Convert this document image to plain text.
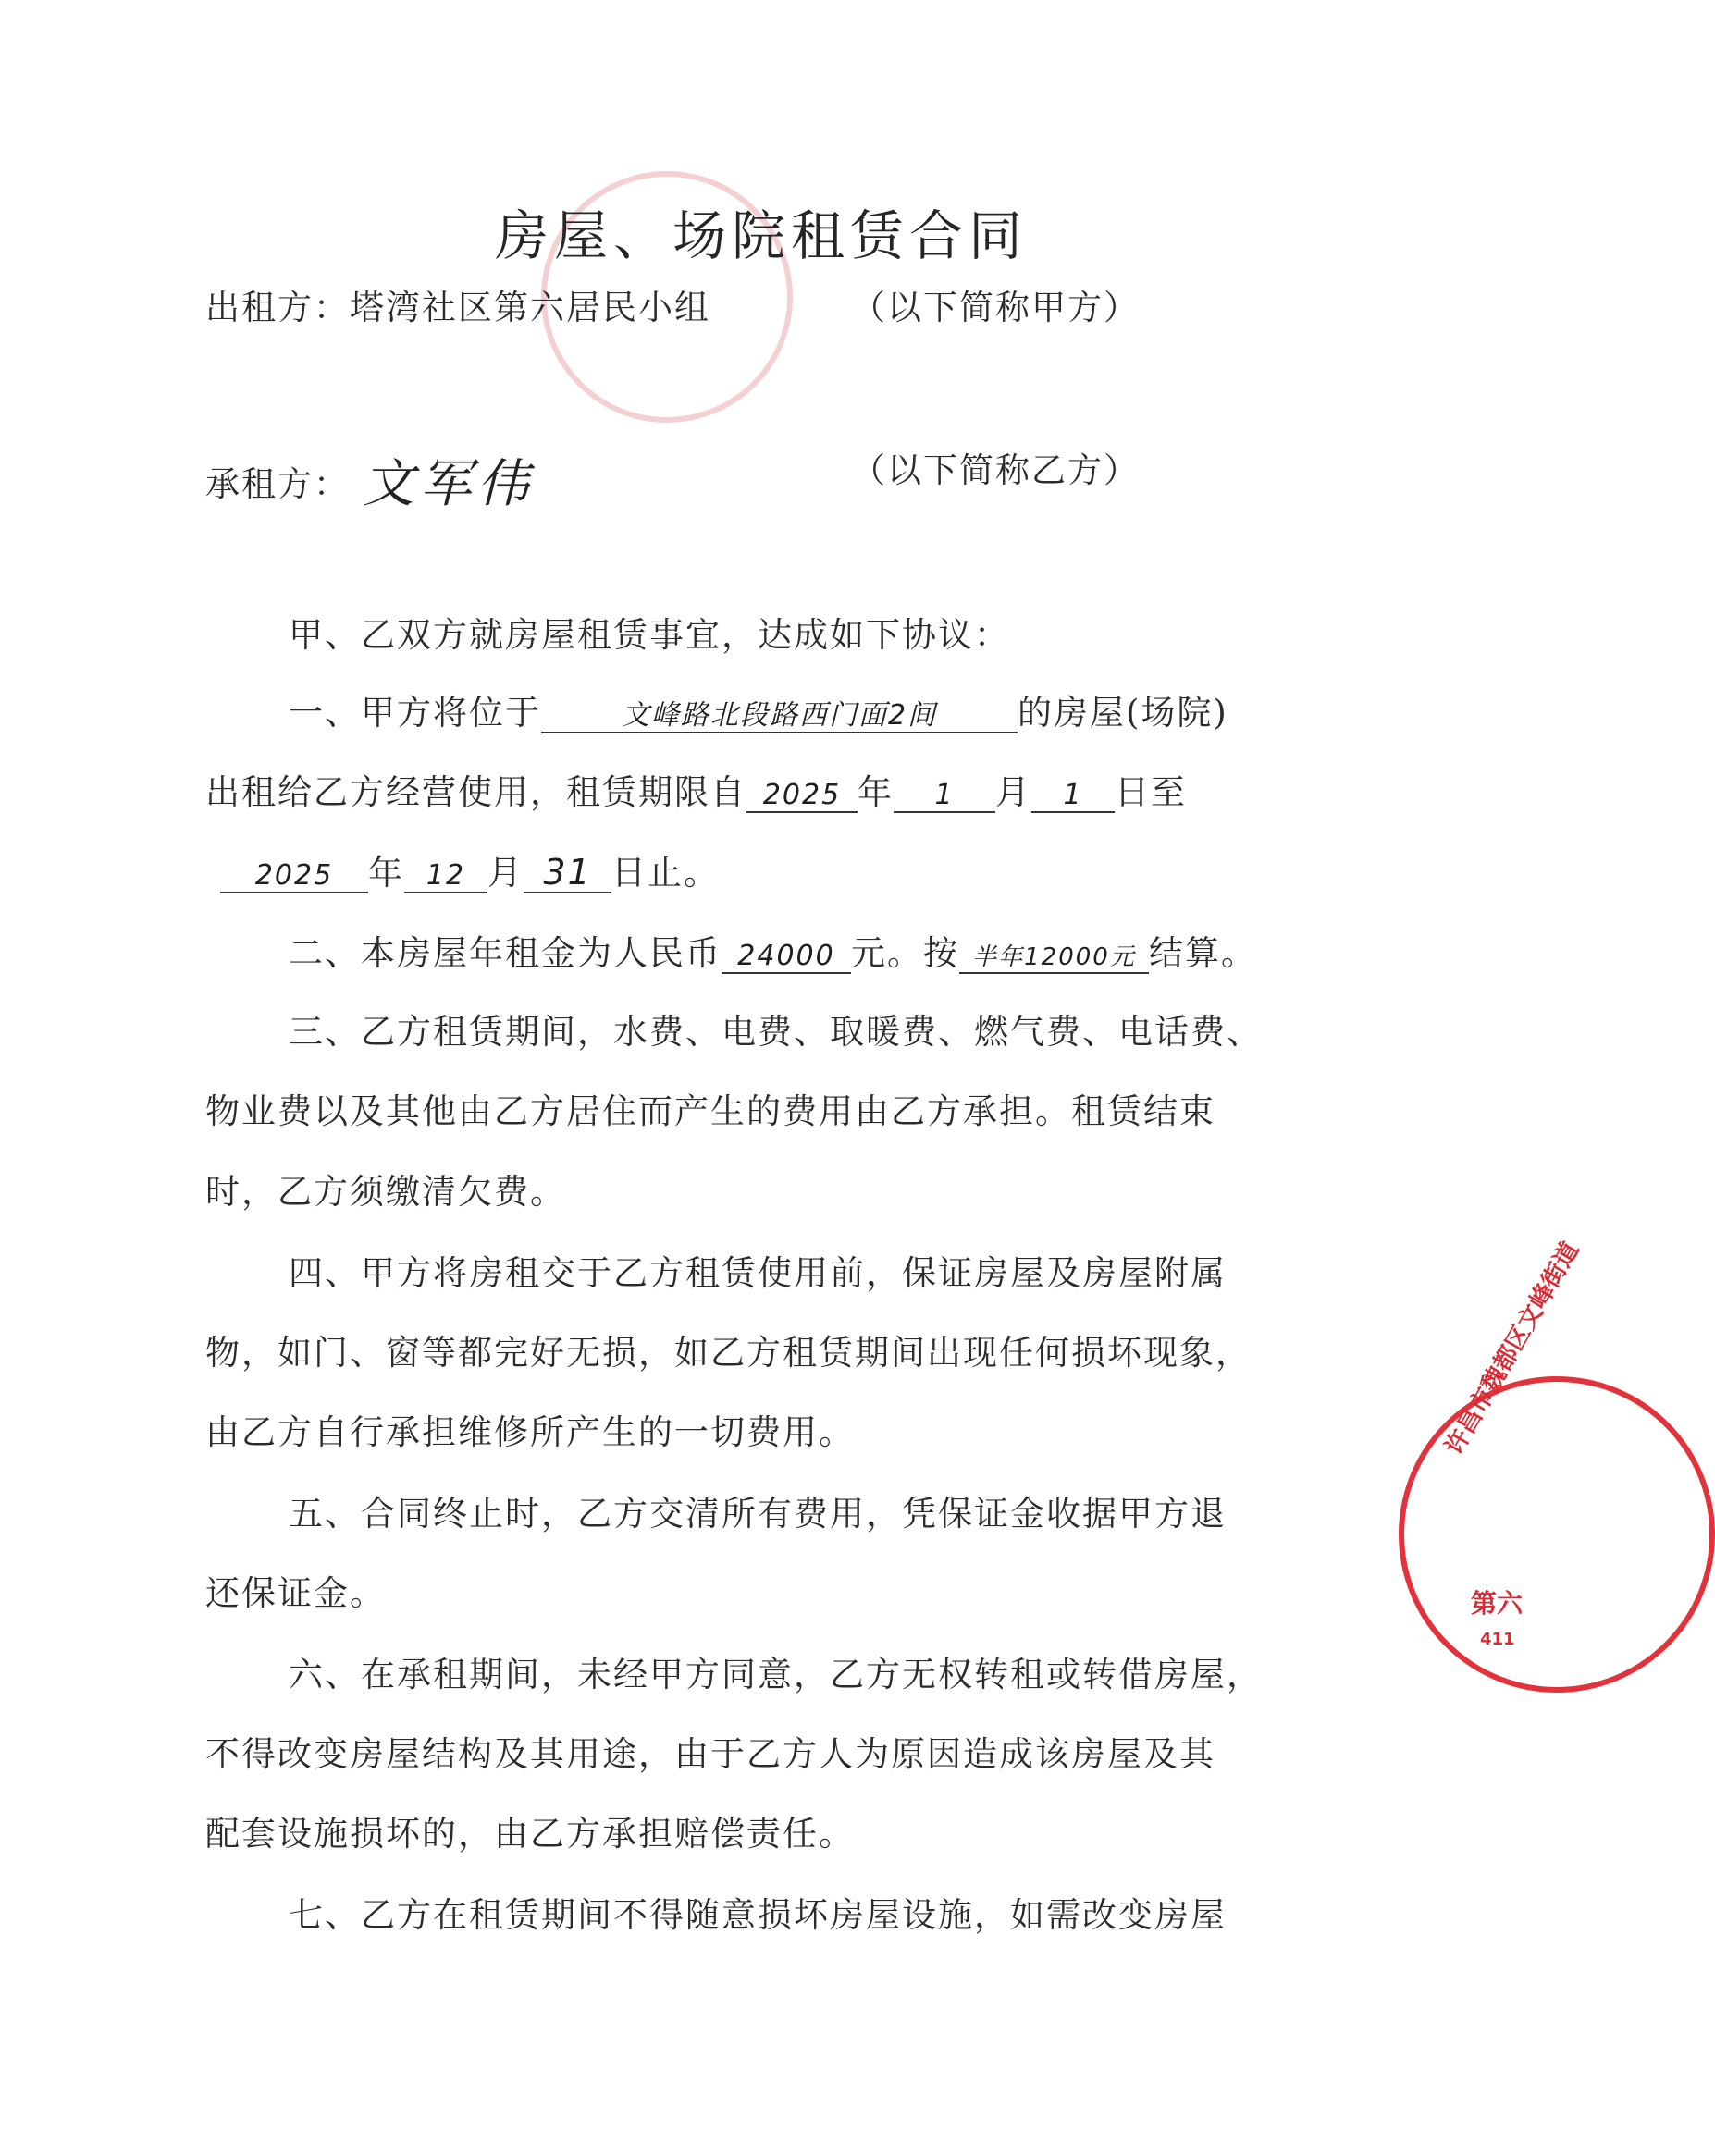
房屋、场院租赁合同
出租方：塔湾社区第六居民小组	（以下简称甲方）
承租方： 文军伟	（以下简称乙方）
甲、乙双方就房屋租赁事宜，达成如下协议：
一、甲方将位于	文峰路北段路西门面2间 的房屋(场院)
出租给乙方经营使用，租赁期限自 2025 年 1 月 1 日至
2025 年 12 月 31 日止。
二、本房屋年租金为人民币 24000 元。按 半年12000元 结算。
三、乙方租赁期间，水费、电费、取暖费、燃气费、电话费、
物业费以及其他由乙方居住而产生的费用由乙方承担。租赁结束
时，乙方须缴清欠费。
四、甲方将房租交于乙方租赁使用前，保证房屋及房屋附属
物，如门、窗等都完好无损，如乙方租赁期间出现任何损坏现象，
由乙方自行承担维修所产生的一切费用。
五、合同终止时，乙方交清所有费用，凭保证金收据甲方退
还保证金。
六、在承租期间，未经甲方同意，乙方无权转租或转借房屋，
不得改变房屋结构及其用途，由于乙方人为原因造成该房屋及其
配套设施损坏的，由乙方承担赔偿责任。
七、乙方在租赁期间不得随意损坏房屋设施，如需改变房屋
许昌市魏都区文峰街道
第六
411
